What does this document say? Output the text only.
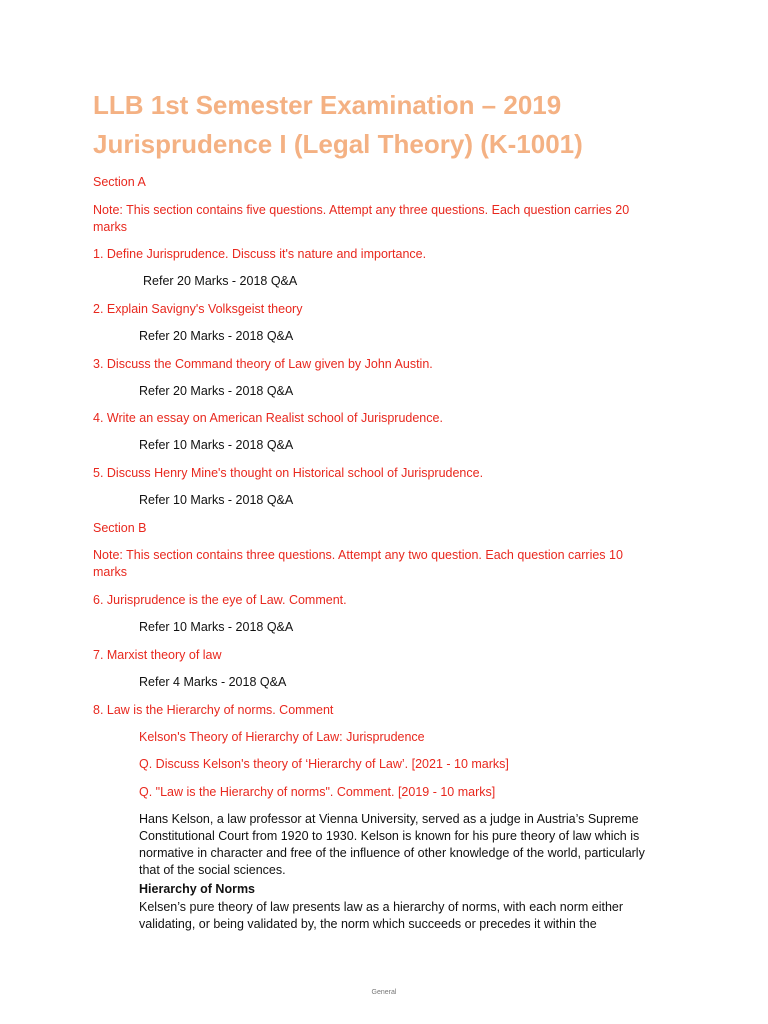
LLB 1st Semester Examination – 2019
Jurisprudence I (Legal Theory) (K-1001)

Section A

Note: This section contains five questions. Attempt any three questions. Each question carries 20 marks

1. Define Jurisprudence. Discuss it's nature and importance.

Refer 20 Marks - 2018 Q&A

2. Explain Savigny's Volksgeist theory

Refer 20 Marks - 2018 Q&A

3. Discuss the Command theory of Law given by John Austin.

Refer 20 Marks - 2018 Q&A

4. Write an essay on American Realist school of Jurisprudence.

Refer 10 Marks - 2018 Q&A

5. Discuss Henry Mine's thought on Historical school of Jurisprudence.

Refer 10 Marks - 2018 Q&A

Section B

Note: This section contains three questions. Attempt any two question. Each question carries 10 marks

6. Jurisprudence is the eye of Law. Comment.

Refer 10 Marks - 2018 Q&A

7. Marxist theory of law

Refer 4 Marks - 2018 Q&A

8. Law is the Hierarchy of norms. Comment

Kelson's Theory of Hierarchy of Law: Jurisprudence

Q. Discuss Kelson's theory of ‘Hierarchy of Law’. [2021 - 10 marks]

Q. "Law is the Hierarchy of norms". Comment. [2019 - 10 marks]

Hans Kelson, a law professor at Vienna University, served as a judge in Austria’s Supreme Constitutional Court from 1920 to 1930. Kelson is known for his pure theory of law which is normative in character and free of the influence of other knowledge of the world, particularly that of the social sciences.

Hierarchy of Norms

Kelsen’s pure theory of law presents law as a hierarchy of norms, with each norm either validating, or being validated by, the norm which succeeds or precedes it within the

General
